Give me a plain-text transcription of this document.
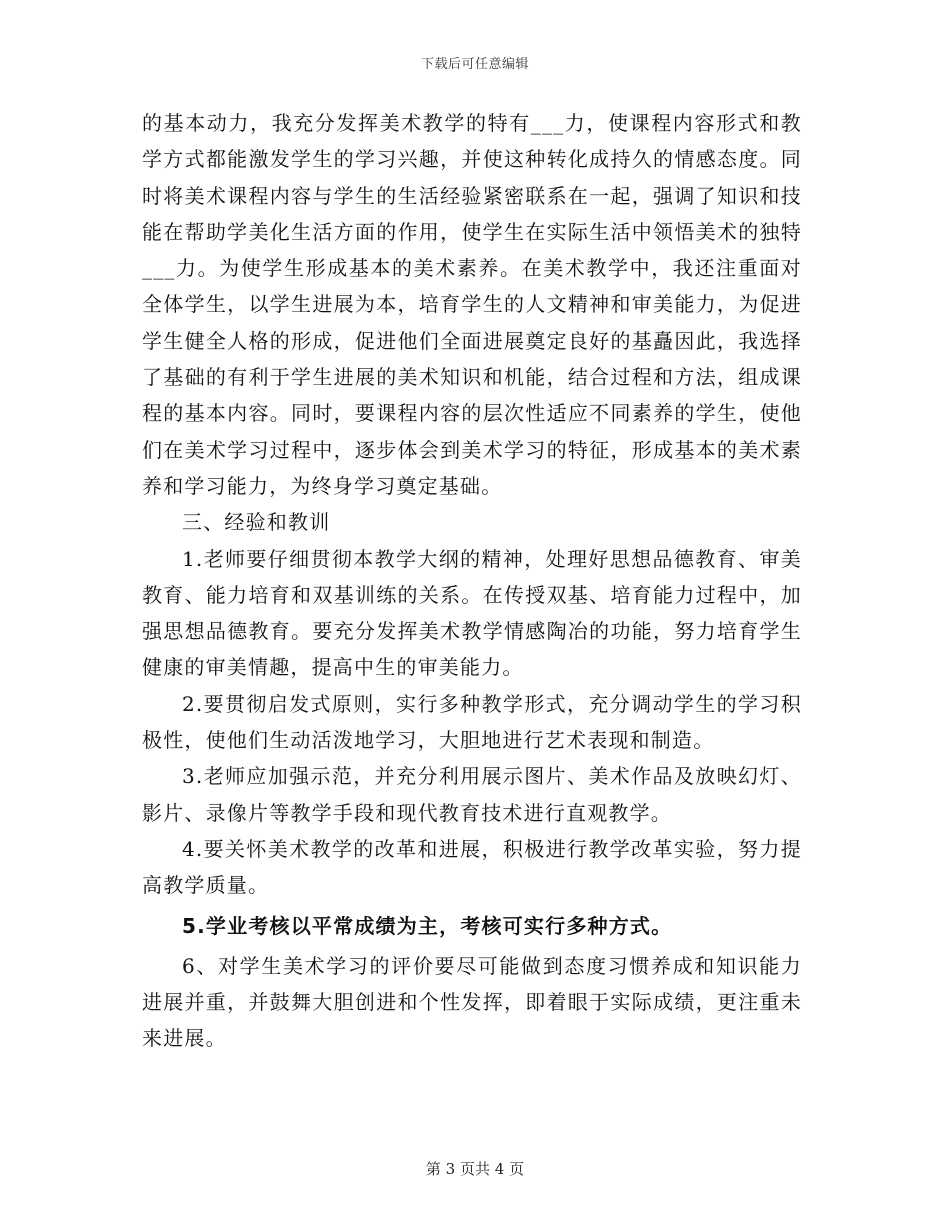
下载后可任意编辑

的基本动力，我充分发挥美术教学的特有___力，使课程内容形式和教学方式都能激发学生的学习兴趣，并使这种转化成持久的情感态度。同时将美术课程内容与学生的生活经验紧密联系在一起，强调了知识和技能在帮助学美化生活方面的作用，使学生在实际生活中领悟美术的独特___力。为使学生形成基本的美术素养。在美术教学中，我还注重面对全体学生，以学生进展为本，培育学生的人文精神和审美能力，为促进学生健全人格的形成，促进他们全面进展奠定良好的基矗因此，我选择了基础的有利于学生进展的美术知识和机能，结合过程和方法，组成课程的基本内容。同时，要课程内容的层次性适应不同素养的学生，使他们在美术学习过程中，逐步体会到美术学习的特征，形成基本的美术素养和学习能力，为终身学习奠定基础。

三、经验和教训

1.老师要仔细贯彻本教学大纲的精神，处理好思想品德教育、审美教育、能力培育和双基训练的关系。在传授双基、培育能力过程中，加强思想品德教育。要充分发挥美术教学情感陶冶的功能，努力培育学生健康的审美情趣，提高中生的审美能力。

2.要贯彻启发式原则，实行多种教学形式，充分调动学生的学习积极性，使他们生动活泼地学习，大胆地进行艺术表现和制造。

3.老师应加强示范，并充分利用展示图片、美术作品及放映幻灯、影片、录像片等教学手段和现代教育技术进行直观教学。

4.要关怀美术教学的改革和进展，积极进行教学改革实验，努力提高教学质量。

5.学业考核以平常成绩为主，考核可实行多种方式。

6、对学生美术学习的评价要尽可能做到态度习惯养成和知识能力进展并重，并鼓舞大胆创进和个性发挥，即着眼于实际成绩，更注重未来进展。

第 3 页共 4 页
